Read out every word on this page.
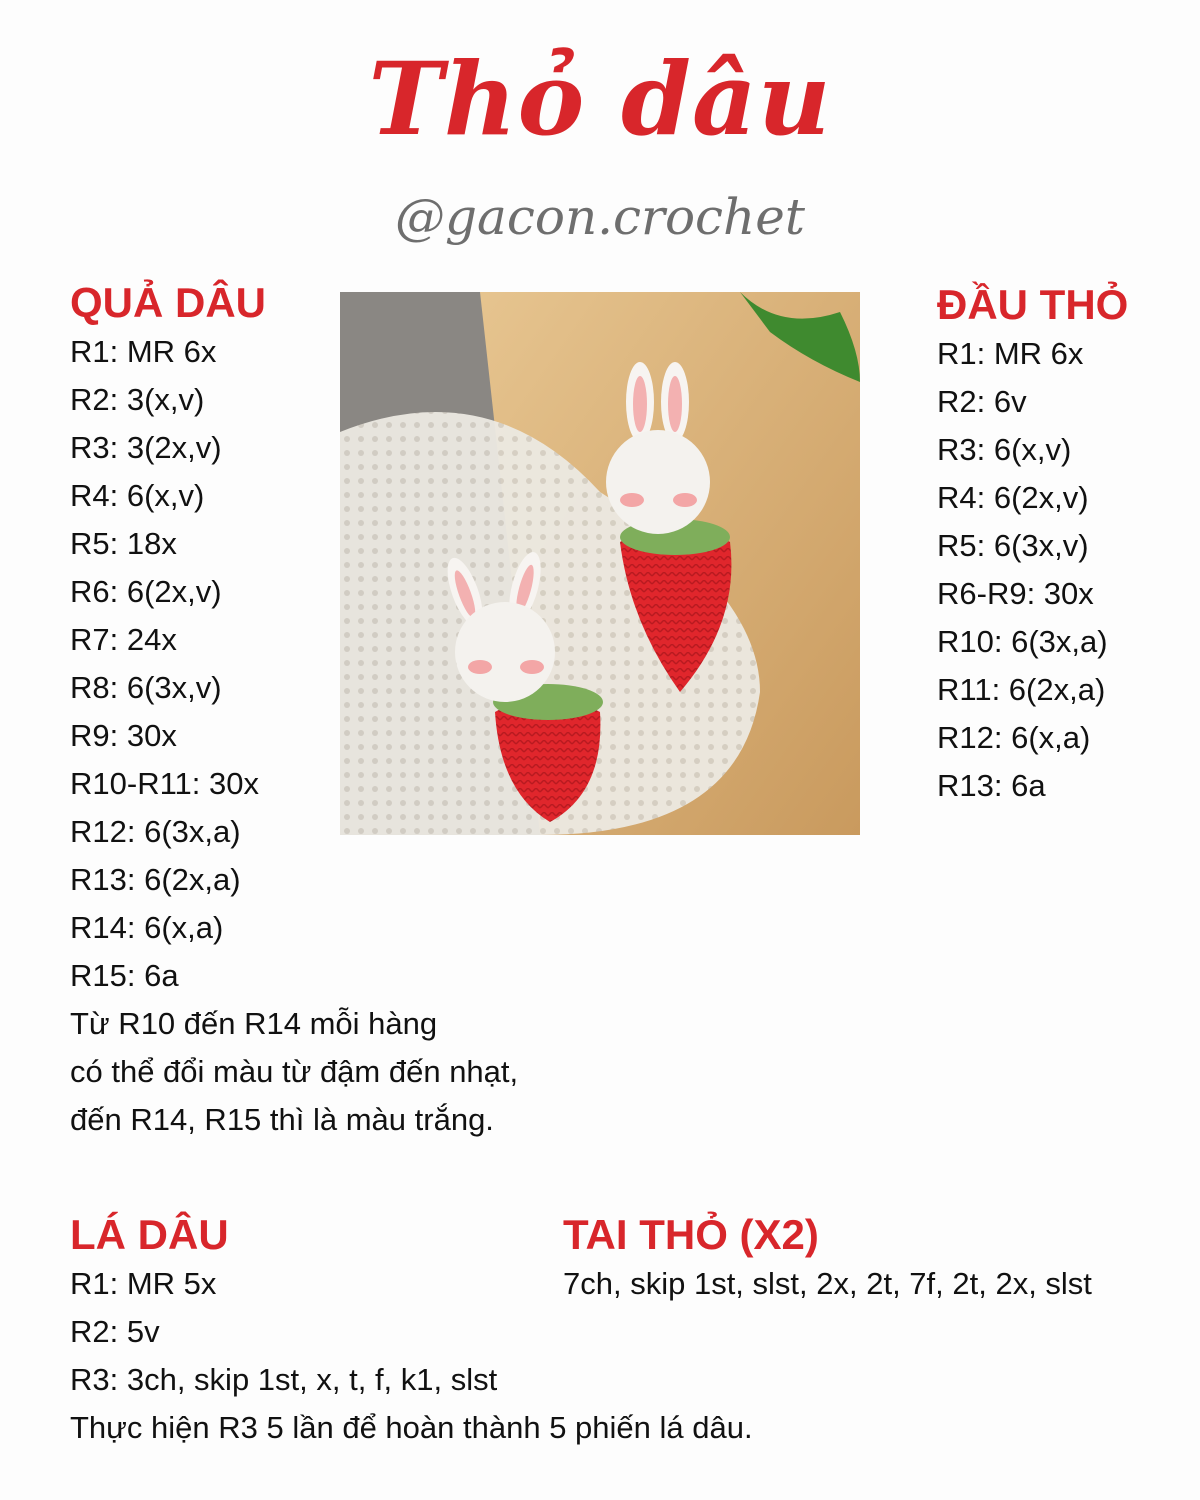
Thỏ dâu
@gacon.crochet
QUẢ DÂU
R1: MR 6x
R2: 3(x,v)
R3: 3(2x,v)
R4: 6(x,v)
R5: 18x
R6: 6(2x,v)
R7: 24x
R8: 6(3x,v)
R9: 30x
R10-R11: 30x
R12: 6(3x,a)
R13: 6(2x,a)
R14: 6(x,a)
R15: 6a
Từ R10 đến R14 mỗi hàng
có thể đổi màu từ đậm đến nhạt,
đến R14, R15 thì là màu trắng.
ĐẦU THỎ
R1: MR 6x
R2: 6v
R3: 6(x,v)
R4: 6(2x,v)
R5: 6(3x,v)
R6-R9: 30x
R10: 6(3x,a)
R11: 6(2x,a)
R12: 6(x,a)
R13: 6a
LÁ DÂU
R1: MR 5x
R2: 5v
R3: 3ch, skip 1st, x, t, f, k1, slst
Thực hiện R3 5 lần để hoàn thành 5 phiến lá dâu.
TAI THỎ (X2)
7ch, skip 1st, slst, 2x, 2t, 7f, 2t, 2x, slst
